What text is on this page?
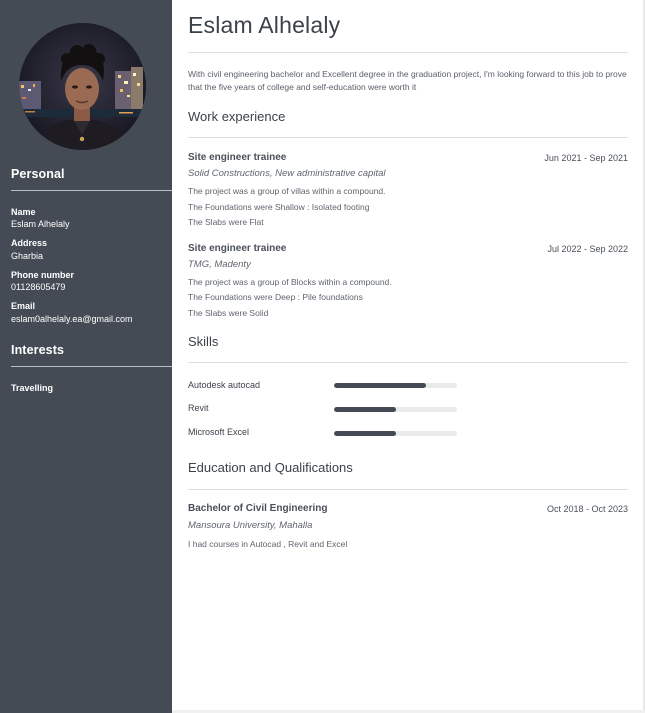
Personal
Name
Eslam Alhelaly
Address
Gharbia
Phone number
01128605479
Email
eslam0alhelaly.ea@gmail.com
Interests
Travelling
Eslam Alhelaly
With civil engineering bachelor and Excellent degree in the graduation project, I'm looking forward to this job to prove that the five years of college and self-education were worth it
Work experience
Site engineer trainee	Jun 2021 - Sep 2021
Solid Constructions, New administrative capital
The project was a group of villas within a compound.
The Foundations were Shallow : Isolated footing
The Slabs were Flat
Site engineer trainee	Jul 2022 - Sep 2022
TMG, Madenty
The project was a group of Blocks within a compound.
The Foundations were Deep : Pile foundations
The Slabs were Solid
Skills
Autodesk autocad
Revit
Microsoft Excel
Education and Qualifications
Bachelor of Civil Engineering	Oct 2018 - Oct 2023
Mansoura University, Mahalla
I had courses in Autocad , Revit and Excel
